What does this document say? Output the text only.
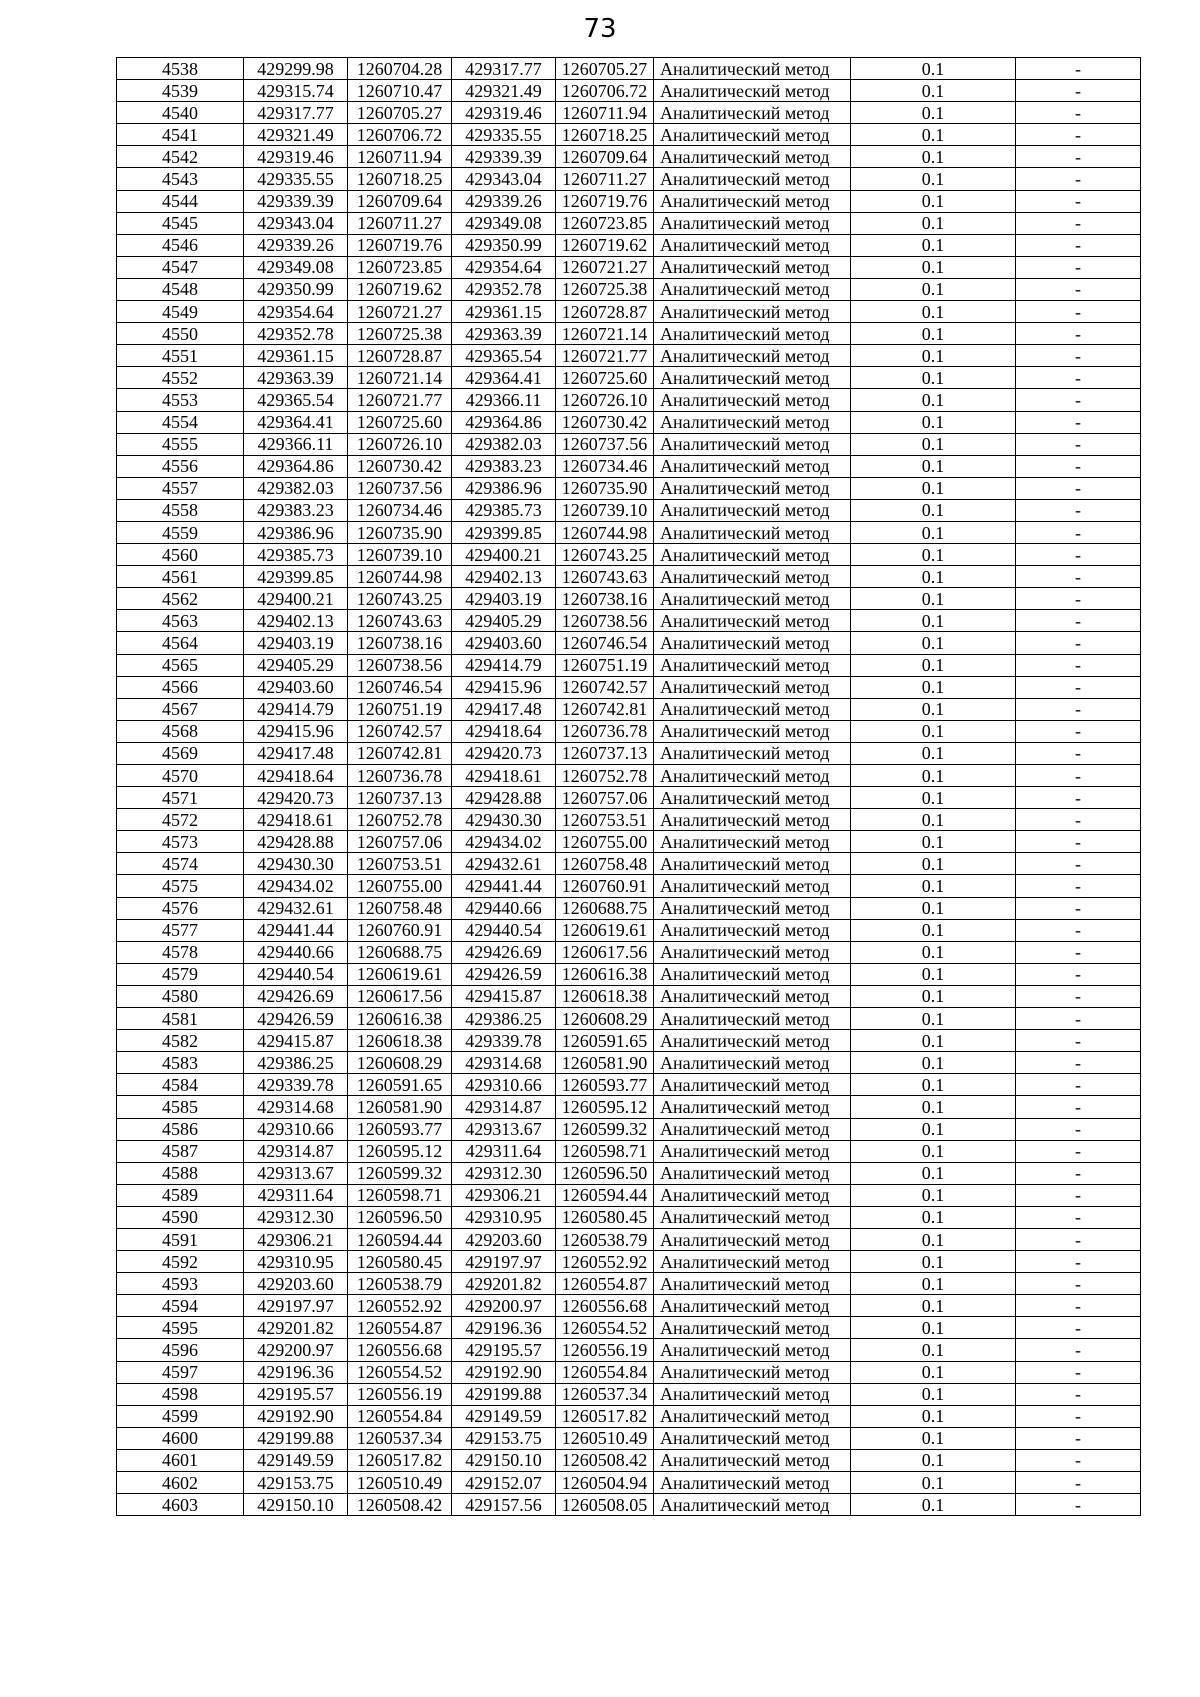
73
4538	429299.98	1260704.28	429317.77	1260705.27	Аналитический метод	0.1	-
4539	429315.74	1260710.47	429321.49	1260706.72	Аналитический метод	0.1	-
4540	429317.77	1260705.27	429319.46	1260711.94	Аналитический метод	0.1	-
4541	429321.49	1260706.72	429335.55	1260718.25	Аналитический метод	0.1	-
4542	429319.46	1260711.94	429339.39	1260709.64	Аналитический метод	0.1	-
4543	429335.55	1260718.25	429343.04	1260711.27	Аналитический метод	0.1	-
4544	429339.39	1260709.64	429339.26	1260719.76	Аналитический метод	0.1	-
4545	429343.04	1260711.27	429349.08	1260723.85	Аналитический метод	0.1	-
4546	429339.26	1260719.76	429350.99	1260719.62	Аналитический метод	0.1	-
4547	429349.08	1260723.85	429354.64	1260721.27	Аналитический метод	0.1	-
4548	429350.99	1260719.62	429352.78	1260725.38	Аналитический метод	0.1	-
4549	429354.64	1260721.27	429361.15	1260728.87	Аналитический метод	0.1	-
4550	429352.78	1260725.38	429363.39	1260721.14	Аналитический метод	0.1	-
4551	429361.15	1260728.87	429365.54	1260721.77	Аналитический метод	0.1	-
4552	429363.39	1260721.14	429364.41	1260725.60	Аналитический метод	0.1	-
4553	429365.54	1260721.77	429366.11	1260726.10	Аналитический метод	0.1	-
4554	429364.41	1260725.60	429364.86	1260730.42	Аналитический метод	0.1	-
4555	429366.11	1260726.10	429382.03	1260737.56	Аналитический метод	0.1	-
4556	429364.86	1260730.42	429383.23	1260734.46	Аналитический метод	0.1	-
4557	429382.03	1260737.56	429386.96	1260735.90	Аналитический метод	0.1	-
4558	429383.23	1260734.46	429385.73	1260739.10	Аналитический метод	0.1	-
4559	429386.96	1260735.90	429399.85	1260744.98	Аналитический метод	0.1	-
4560	429385.73	1260739.10	429400.21	1260743.25	Аналитический метод	0.1	-
4561	429399.85	1260744.98	429402.13	1260743.63	Аналитический метод	0.1	-
4562	429400.21	1260743.25	429403.19	1260738.16	Аналитический метод	0.1	-
4563	429402.13	1260743.63	429405.29	1260738.56	Аналитический метод	0.1	-
4564	429403.19	1260738.16	429403.60	1260746.54	Аналитический метод	0.1	-
4565	429405.29	1260738.56	429414.79	1260751.19	Аналитический метод	0.1	-
4566	429403.60	1260746.54	429415.96	1260742.57	Аналитический метод	0.1	-
4567	429414.79	1260751.19	429417.48	1260742.81	Аналитический метод	0.1	-
4568	429415.96	1260742.57	429418.64	1260736.78	Аналитический метод	0.1	-
4569	429417.48	1260742.81	429420.73	1260737.13	Аналитический метод	0.1	-
4570	429418.64	1260736.78	429418.61	1260752.78	Аналитический метод	0.1	-
4571	429420.73	1260737.13	429428.88	1260757.06	Аналитический метод	0.1	-
4572	429418.61	1260752.78	429430.30	1260753.51	Аналитический метод	0.1	-
4573	429428.88	1260757.06	429434.02	1260755.00	Аналитический метод	0.1	-
4574	429430.30	1260753.51	429432.61	1260758.48	Аналитический метод	0.1	-
4575	429434.02	1260755.00	429441.44	1260760.91	Аналитический метод	0.1	-
4576	429432.61	1260758.48	429440.66	1260688.75	Аналитический метод	0.1	-
4577	429441.44	1260760.91	429440.54	1260619.61	Аналитический метод	0.1	-
4578	429440.66	1260688.75	429426.69	1260617.56	Аналитический метод	0.1	-
4579	429440.54	1260619.61	429426.59	1260616.38	Аналитический метод	0.1	-
4580	429426.69	1260617.56	429415.87	1260618.38	Аналитический метод	0.1	-
4581	429426.59	1260616.38	429386.25	1260608.29	Аналитический метод	0.1	-
4582	429415.87	1260618.38	429339.78	1260591.65	Аналитический метод	0.1	-
4583	429386.25	1260608.29	429314.68	1260581.90	Аналитический метод	0.1	-
4584	429339.78	1260591.65	429310.66	1260593.77	Аналитический метод	0.1	-
4585	429314.68	1260581.90	429314.87	1260595.12	Аналитический метод	0.1	-
4586	429310.66	1260593.77	429313.67	1260599.32	Аналитический метод	0.1	-
4587	429314.87	1260595.12	429311.64	1260598.71	Аналитический метод	0.1	-
4588	429313.67	1260599.32	429312.30	1260596.50	Аналитический метод	0.1	-
4589	429311.64	1260598.71	429306.21	1260594.44	Аналитический метод	0.1	-
4590	429312.30	1260596.50	429310.95	1260580.45	Аналитический метод	0.1	-
4591	429306.21	1260594.44	429203.60	1260538.79	Аналитический метод	0.1	-
4592	429310.95	1260580.45	429197.97	1260552.92	Аналитический метод	0.1	-
4593	429203.60	1260538.79	429201.82	1260554.87	Аналитический метод	0.1	-
4594	429197.97	1260552.92	429200.97	1260556.68	Аналитический метод	0.1	-
4595	429201.82	1260554.87	429196.36	1260554.52	Аналитический метод	0.1	-
4596	429200.97	1260556.68	429195.57	1260556.19	Аналитический метод	0.1	-
4597	429196.36	1260554.52	429192.90	1260554.84	Аналитический метод	0.1	-
4598	429195.57	1260556.19	429199.88	1260537.34	Аналитический метод	0.1	-
4599	429192.90	1260554.84	429149.59	1260517.82	Аналитический метод	0.1	-
4600	429199.88	1260537.34	429153.75	1260510.49	Аналитический метод	0.1	-
4601	429149.59	1260517.82	429150.10	1260508.42	Аналитический метод	0.1	-
4602	429153.75	1260510.49	429152.07	1260504.94	Аналитический метод	0.1	-
4603	429150.10	1260508.42	429157.56	1260508.05	Аналитический метод	0.1	-
